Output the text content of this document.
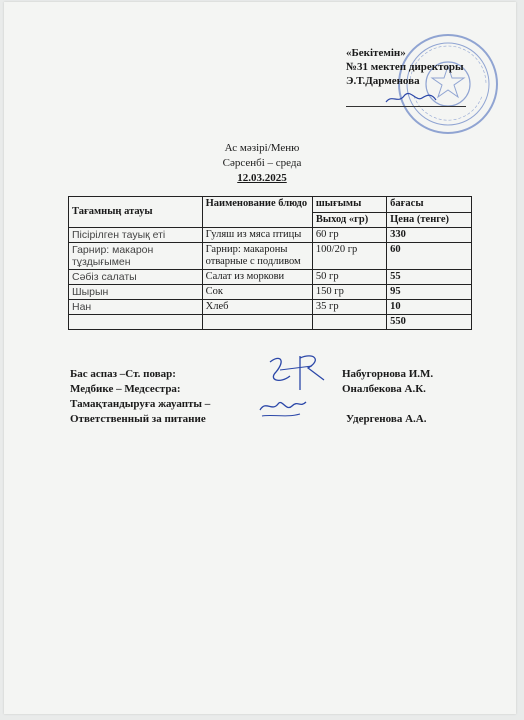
«Бекітемін»
№31 мектеп директоры
Э.Т.Дарменова
Ас мәзірі/Меню
Сәрсенбі – среда
12.03.2025
Тағамның атауы	Наименование блюдо	шығымы	бағасы
		Выход «гр)	Цена (тенге)
Пісірілген тауық еті	Гуляш из мяса птицы	60 гр	330
Гарнир: макарон тұздығымен	Гарнир: макароны отварные с подливом	100/20 гр	60
Сәбіз салаты	Салат из моркови	50 гр	55
Шырын	Сок	150 гр	95
Нан	Хлеб	35 гр	10
			550
Бас аспаз –Ст. повар:	Набугорнова И.М.
Медбике – Медсестра:	Оналбекова А.К.
Тамақтандыруға жауапты –
Ответственный за питание	Удергенова А.А.
